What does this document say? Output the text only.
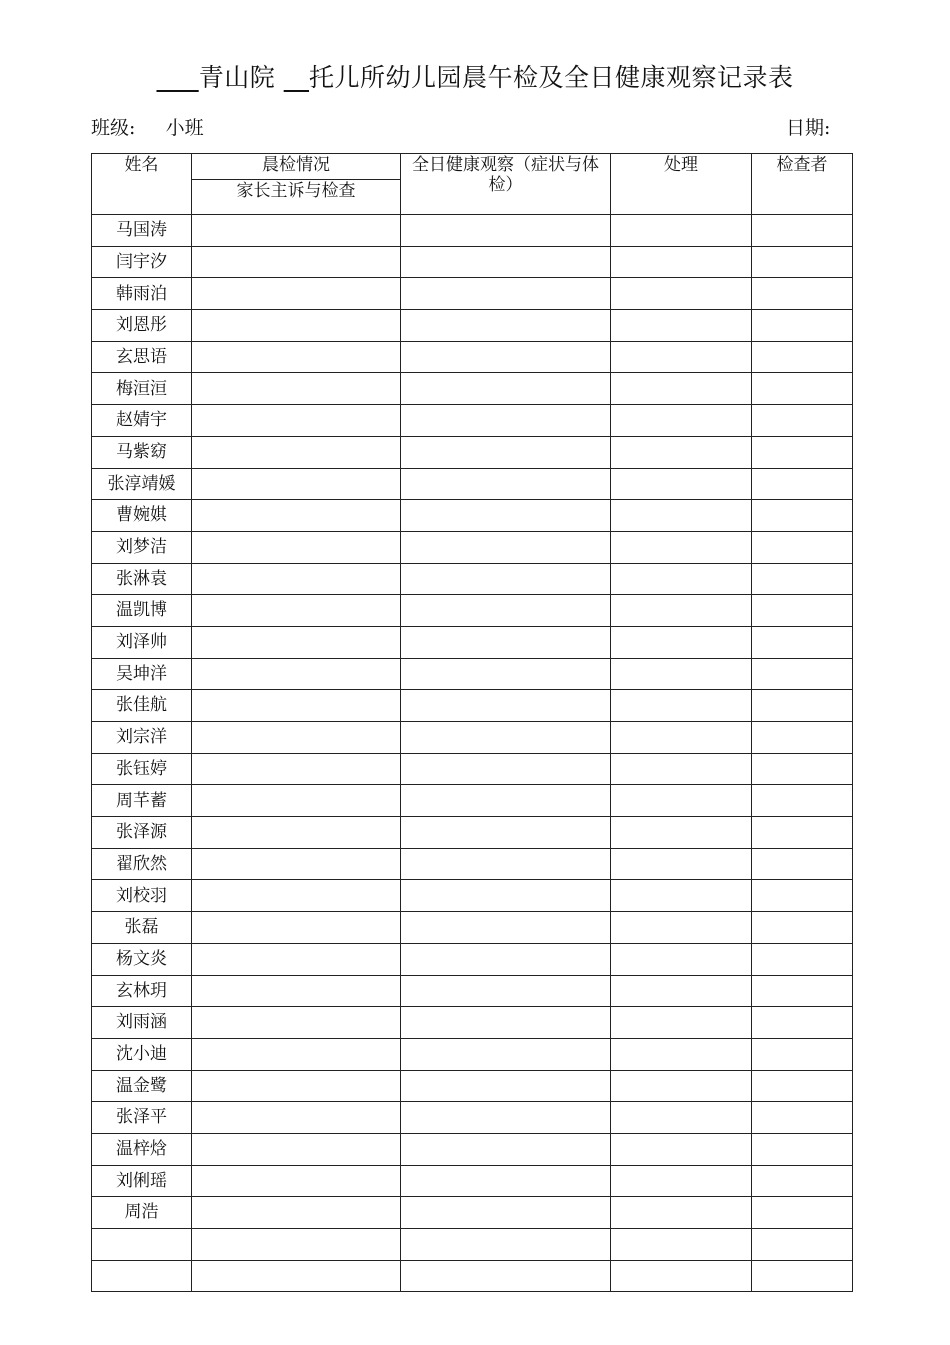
青山院 托儿所幼儿园晨午检及全日健康观察记录表
班级: 小班	日期:
姓名	晨检情况	全日健康观察（症状与体检）	处理	检查者
	家长主诉与检查			
马国涛				
闫宇汐				
韩雨泊				
刘恩彤				
玄思语				
梅洹洹				
赵婧宇				
马紫窈				
张淳靖媛				
曹婉娸				
刘梦洁				
张淋袁				
温凯博				
刘泽帅				
吴坤洋				
张佳航				
刘宗洋				
张钰婷				
周芊蓄				
张泽源				
翟欣然				
刘校羽				
张磊				
杨文炎				
玄林玥				
刘雨涵				
沈小迪				
温金鹭				
张泽平				
温梓焓				
刘俐瑶				
周浩				
